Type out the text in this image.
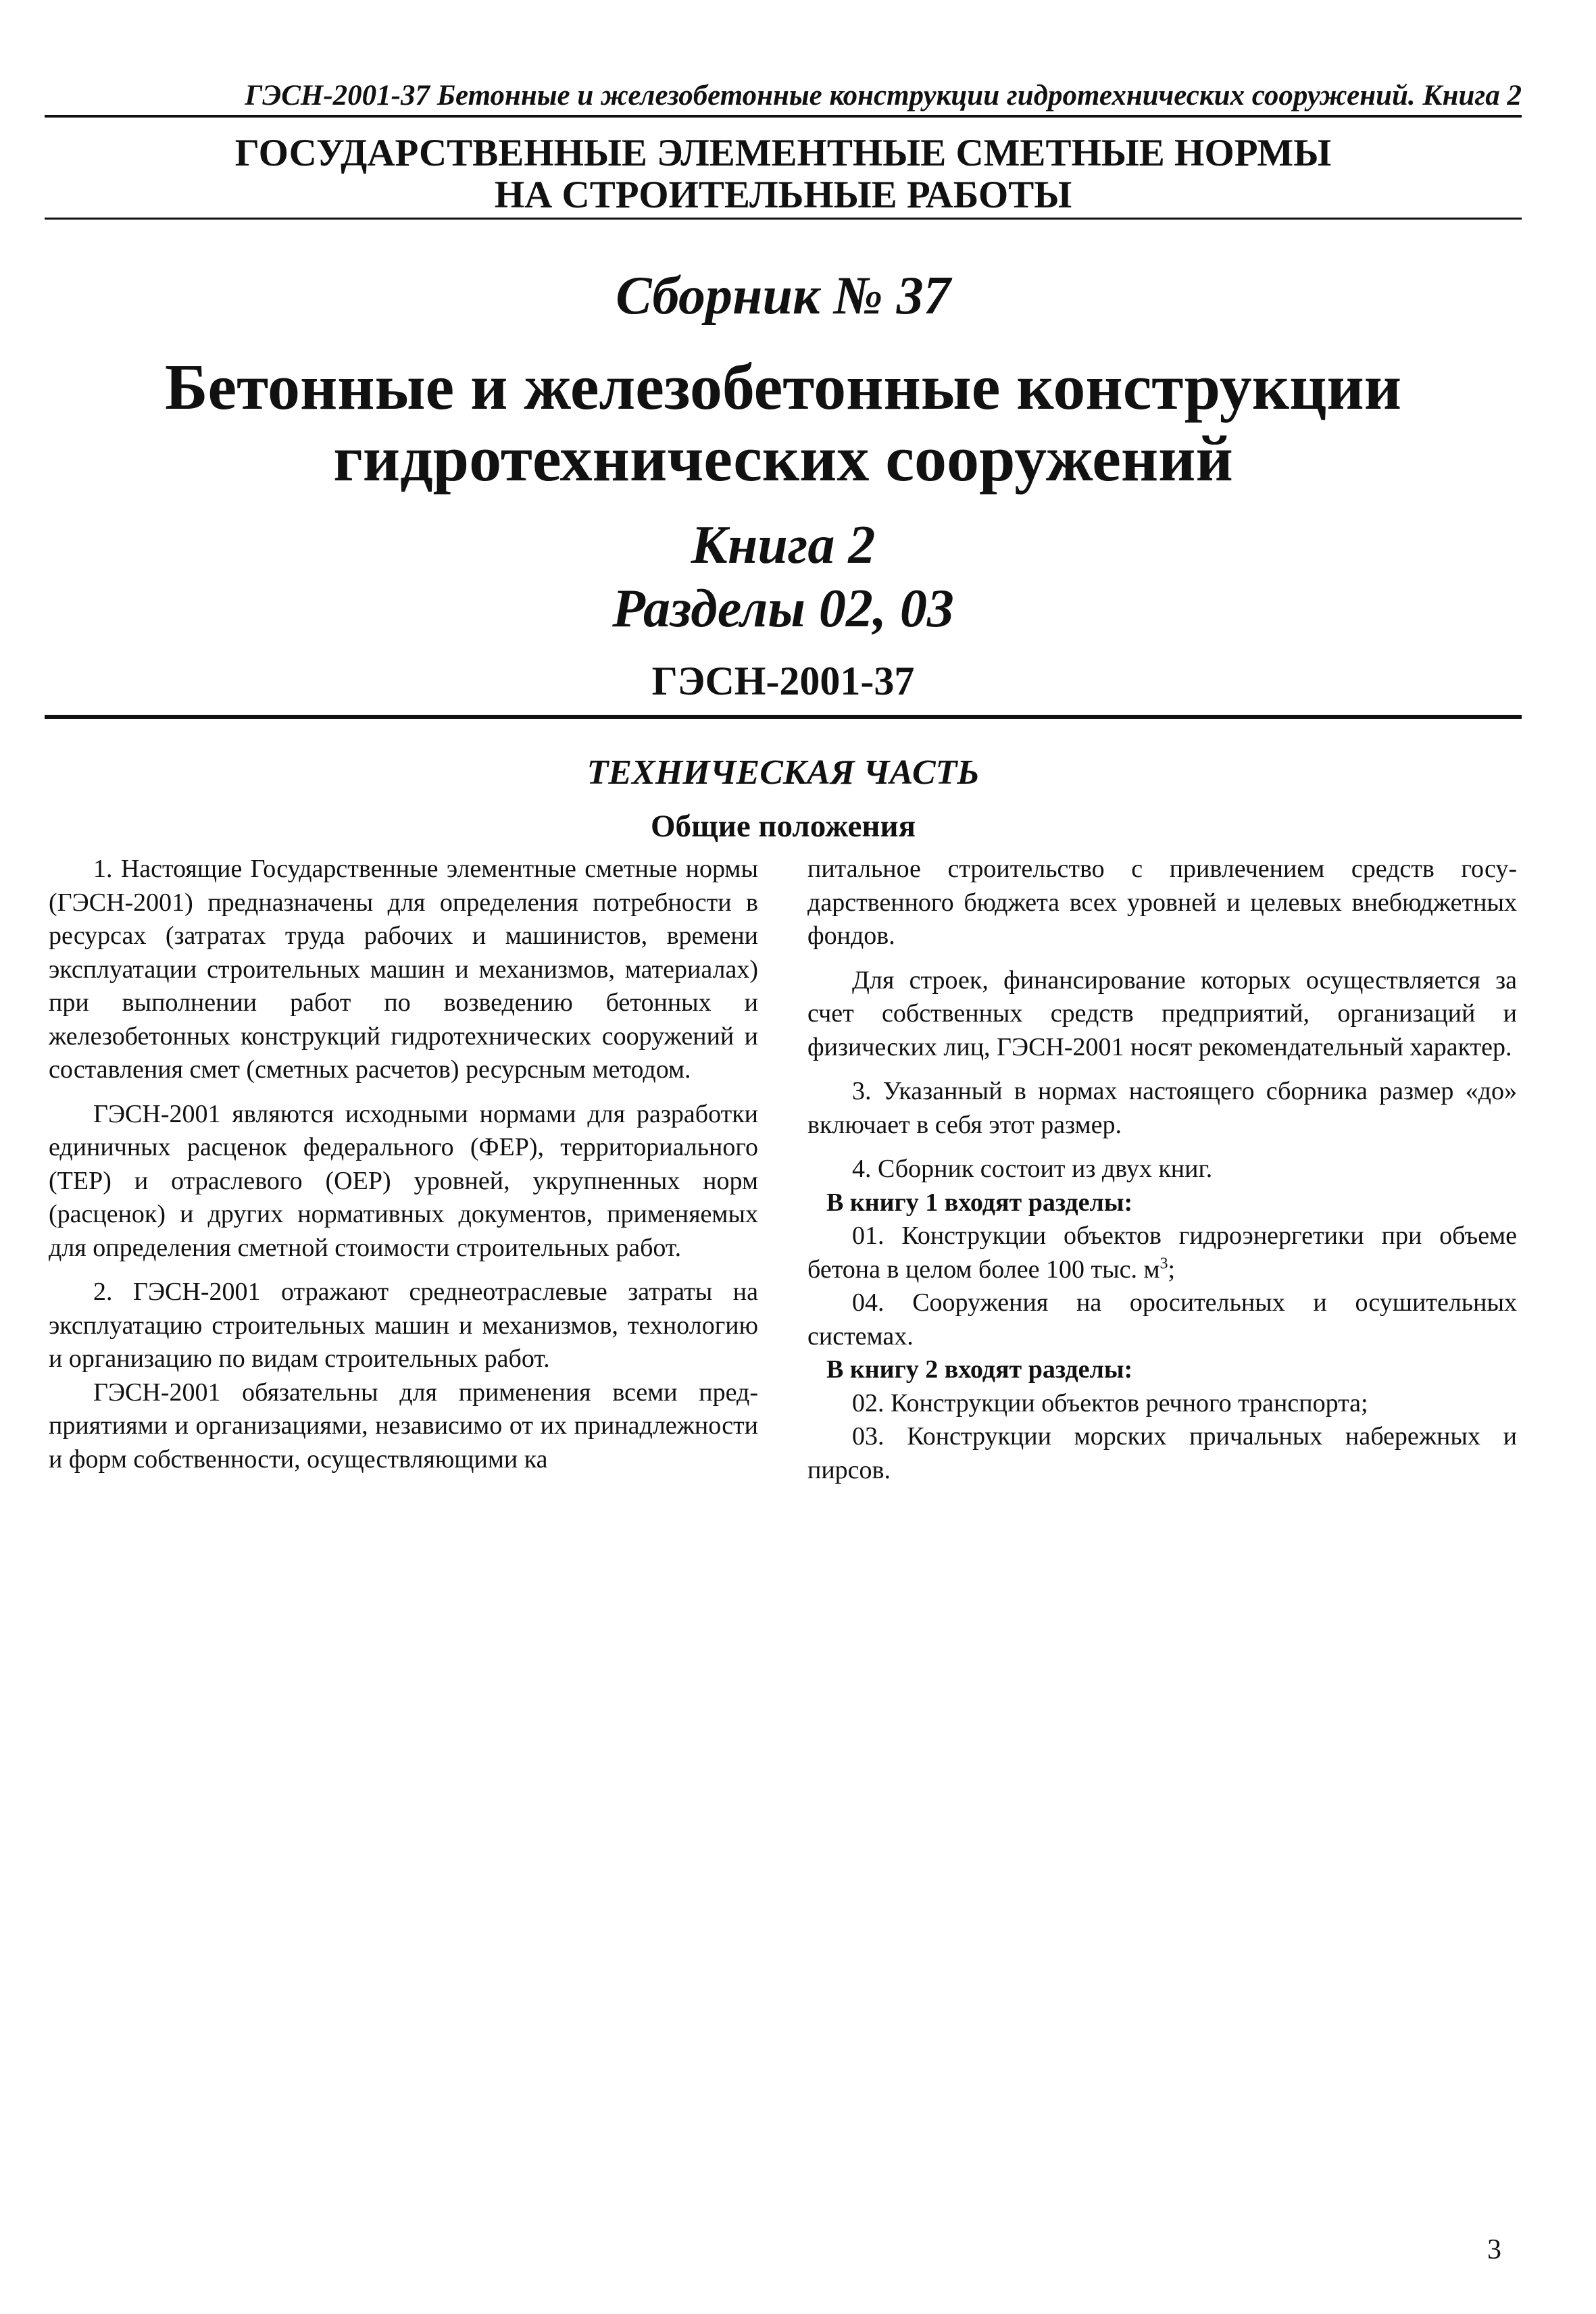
ГЭСН-2001-37 Бетонные и железобетонные конструкции гидротехнических сооружений. Книга 2
ГОСУДАРСТВЕННЫЕ ЭЛЕМЕНТНЫЕ СМЕТНЫЕ НОРМЫ
НА СТРОИТЕЛЬНЫЕ РАБОТЫ
Сборник № 37
Бетонные и железобетонные конструкции
гидротехнических сооружений
Книга 2
Разделы 02, 03
ГЭСН-2001-37
ТЕХНИЧЕСКАЯ ЧАСТЬ
Общие положения

1. Настоящие Государственные элементные сметные нормы (ГЭСН-2001) предназначены для определения потребности в ресурсах (затратах труда рабочих и машинистов, времени эксплуатации строительных машин и механизмов, материалах) при выполнении работ по возведению бетонных и железобетонных конструкций гидротехнических сооружений и составления смет (сметных расчетов) ресурсным методом.

ГЭСН-2001 являются исходными нормами для разработки единичных расценок федерального (ФЕР), территориального (ТЕР) и отраслевого (ОЕР) уровней, укрупненных норм (расценок) и других нормативных документов, применяемых для определения сметной стоимости строительных работ.

2. ГЭСН-2001 отражают среднеотраслевые затраты на эксплуатацию строительных машин и механизмов, технологию и организацию по видам строительных работ.

ГЭСН-2001 обязательны для применения всеми предприятиями и организациями, независимо от их принадлежности и форм собственности, осуществляющими ка

питальное строительство с привлечением средств государственного бюджета всех уровней и целевых внебюджетных фондов.

Для строек, финансирование которых осуществляется за счет собственных средств предприятий, организаций и физических лиц, ГЭСН-2001 носят рекомендательный характер.

3. Указанный в нормах настоящего сборника размер «до» включает в себя этот размер.

4. Сборник состоит из двух книг.

В книгу 1 входят разделы:

01. Конструкции объектов гидроэнергетики при объеме бетона в целом более 100 тыс. $м^3$;

04. Сооружения на оросительных и осушительных системах.

В книгу 2 входят разделы:

02. Конструкции объектов речного транспорта;

03. Конструкции морских причальных набережных и пирсов.

3
